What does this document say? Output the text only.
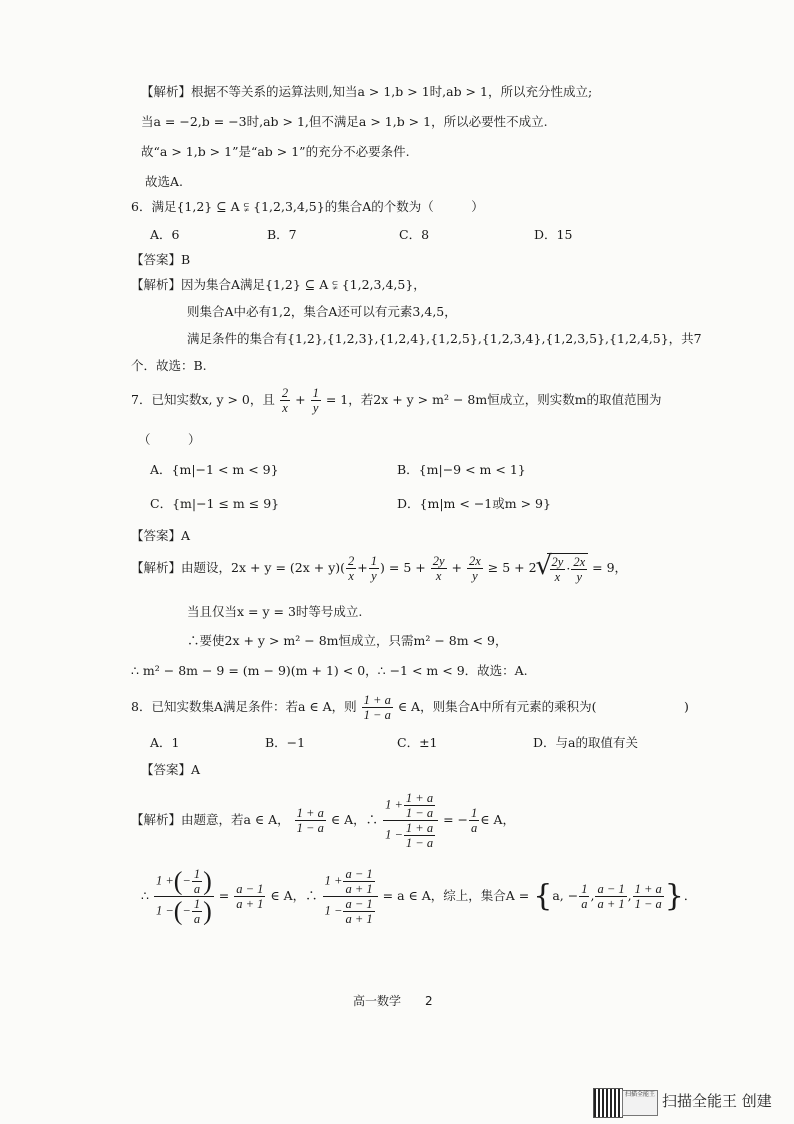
【解析】根据不等关系的运算法则,知当a > 1,b > 1时,ab > 1，所以充分性成立;
当a = −2,b = −3时,ab > 1,但不满足a > 1,b > 1，所以必要性不成立.
故“a > 1,b > 1”是“ab > 1”的充分不必要条件.
故选A.
6．满足{1,2} ⊆ A ⫋ {1,2,3,4,5}的集合A的个数为（　　　）
A．6	B．7	C．8	D．15
【答案】B
【解析】因为集合A满足{1,2} ⊆ A ⫋ {1,2,3,4,5}，
则集合A中必有1,2，集合A还可以有元素3,4,5，
满足条件的集合有{1,2},{1,2,3},{1,2,4},{1,2,5},{1,2,3,4},{1,2,3,5},{1,2,4,5}，共7
个．故选：B.
7．已知实数x, y > 0，且 $\frac{2}{x} + \frac{1}{y} = 1$，若2x + y > m² − 8m恒成立，则实数m的取值范围为
（　　　）
A．{m|−1 < m < 9}	B．{m|−9 < m < 1}
C．{m|−1 ≤ m ≤ 9}	D．{m|m < −1或m > 9}
【答案】A
【解析】由题设，$2x + y = (2x + y)( \frac{2}{x} + \frac{1}{y}$ ) = $5 + \frac{2y}{x} + \frac{2x}{y} \ge 5 + 2$
√ $\frac{2y}{x} \cdot \frac{2x}{y} = 9$，
当且仅当x = y = 3时等号成立.
∴要使2x + y > m² − 8m恒成立，只需m² − 8m < 9，
∴ m² − 8m − 9 = (m − 9)(m + 1) < 0，∴ −1 < m < 9．故选：A.
8．已知实数集A满足条件：若a ∈ A，则 $\frac{1 + a}{1 - a}$ ∈ A，则集合A中所有元素的乘积为(　　　　　　　)
A．1	B．−1	C．±1	D．与a的取值有关
【答案】A
【解析】由题意，若a ∈ A， $\frac{1 + a}{1 - a}$ ∈ A，∴ $\frac{1 + \frac{1 + a}{1 - a}}{1 - \frac{1 + a}{1 - a}}$ = − $\frac{1}{a}$ ∈ A，
∴ $\frac{1 +(- \frac{1}{a} )}{1 -(- \frac{1}{a} )} = \frac{a - 1}{a + 1}$ ∈ A，∴ $\frac{1 + \frac{a - 1}{a + 1}}{1 - \frac{a - 1}{a + 1}} = a$ ∈ A，综上，集合A = {a, − $\frac{1}{a}$ , $\frac{a - 1}{a + 1}$ , $\frac{1 + a}{1 - a}$ }．
高一数学　　2
扫描全能王 扫描全能王 创建
